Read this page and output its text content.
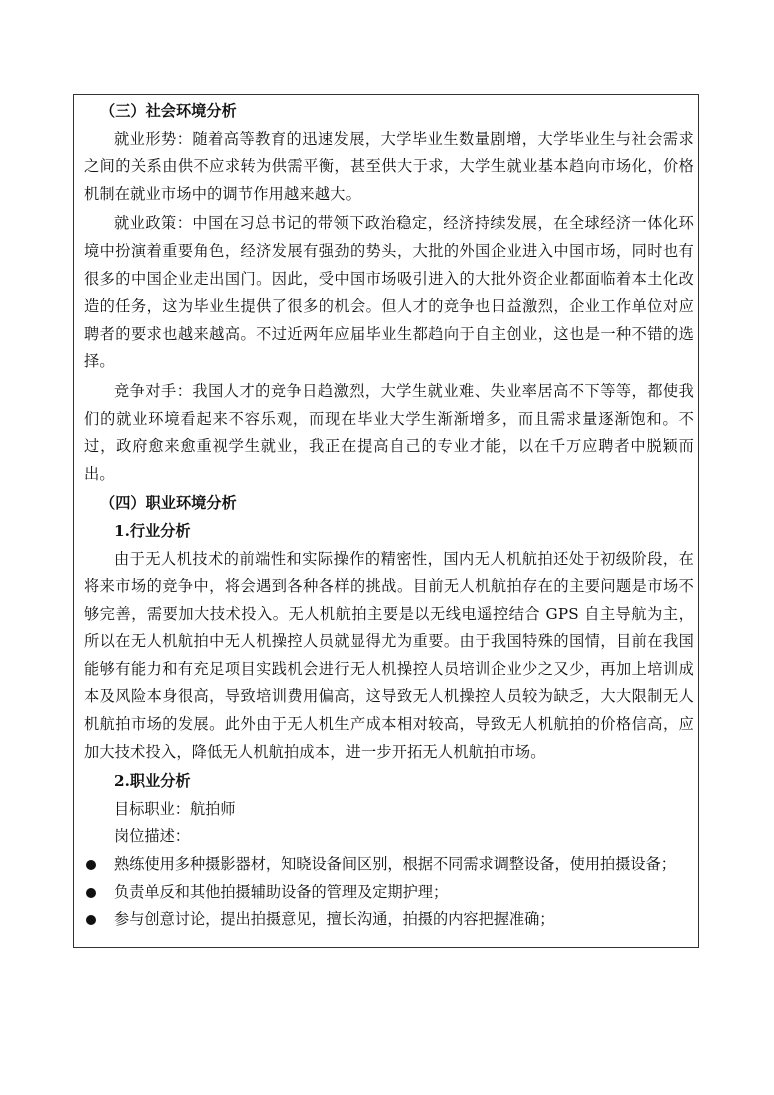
（三）社会环境分析

就业形势：随着高等教育的迅速发展，大学毕业生数量剧增，大学毕业生与社会需求之间的关系由供不应求转为供需平衡，甚至供大于求，大学生就业基本趋向市场化，价格机制在就业市场中的调节作用越来越大。

就业政策：中国在习总书记的带领下政治稳定，经济持续发展，在全球经济一体化环境中扮演着重要角色，经济发展有强劲的势头，大批的外国企业进入中国市场，同时也有很多的中国企业走出国门。因此，受中国市场吸引进入的大批外资企业都面临着本土化改造的任务，这为毕业生提供了很多的机会。但人才的竞争也日益激烈，企业工作单位对应聘者的要求也越来越高。不过近两年应届毕业生都趋向于自主创业，这也是一种不错的选择。

竞争对手：我国人才的竞争日趋激烈，大学生就业难、失业率居高不下等等，都使我们的就业环境看起来不容乐观，而现在毕业大学生渐渐增多，而且需求量逐渐饱和。不过，政府愈来愈重视学生就业，我正在提高自己的专业才能，以在千万应聘者中脱颖而出。

（四）职业环境分析

1.行业分析

由于无人机技术的前端性和实际操作的精密性，国内无人机航拍还处于初级阶段，在将来市场的竞争中，将会遇到各种各样的挑战。目前无人机航拍存在的主要问题是市场不够完善，需要加大技术投入。无人机航拍主要是以无线电遥控结合 GPS 自主导航为主，所以在无人机航拍中无人机操控人员就显得尤为重要。由于我国特殊的国情，目前在我国能够有能力和有充足项目实践机会进行无人机操控人员培训企业少之又少，再加上培训成本及风险本身很高，导致培训费用偏高，这导致无人机操控人员较为缺乏，大大限制无人机航拍市场的发展。此外由于无人机生产成本相对较高，导致无人机航拍的价格信高，应加大技术投入，降低无人机航拍成本，进一步开拓无人机航拍市场。

2.职业分析

目标职业：航拍师

岗位描述：

熟练使用多种摄影器材，知晓设备间区别，根据不同需求调整设备，使用拍摄设备；

负责单反和其他拍摄辅助设备的管理及定期护理；

参与创意讨论，提出拍摄意见，擅长沟通，拍摄的内容把握准确；
